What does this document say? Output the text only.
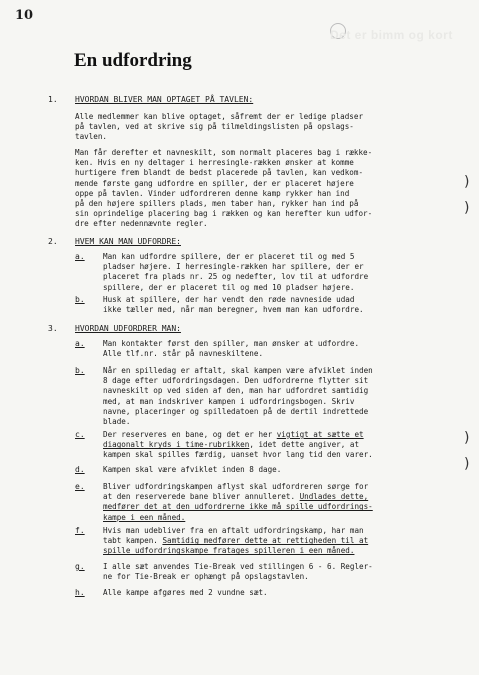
10
Det er bimm og kort
En udfordring
)
)
)
)
1. HVORDAN BLIVER MAN OPTAGET PÅ TAVLEN:
Alle medlemmer kan blive optaget, såfremt der er ledige pladser
på tavlen, ved at skrive sig på tilmeldingslisten på opslags-
tavlen.
Man får derefter et navneskilt, som normalt placeres bag i række-
ken. Hvis en ny deltager i herresingle-rækken ønsker at komme
hurtigere frem blandt de bedst placerede på tavlen, kan vedkom-
mende første gang udfordre en spiller, der er placeret højere
oppe på tavlen. Vinder udfordreren denne kamp rykker han ind
på den højere spillers plads, men taber han, rykker han ind på
sin oprindelige placering bag i rækken og kan herefter kun udfor-
dre efter nedennævnte regler.
2. HVEM KAN MAN UDFORDRE:
a. Man kan udfordre spillere, der er placeret til og med 5
pladser højere. I herresingle-rækken har spillere, der er
placeret fra plads nr. 25 og nedefter, lov til at udfordre
spillere, der er placeret til og med 10 pladser højere.
b. Husk at spillere, der har vendt den røde navneside udad
ikke tæller med, når man beregner, hvem man kan udfordre.
3. HVORDAN UDFORDRER MAN:
a. Man kontakter først den spiller, man ønsker at udfordre.
Alle tlf.nr. står på navneskiltene.
b. Når en spilledag er aftalt, skal kampen være afviklet inden
8 dage efter udfordringsdagen. Den udfordrerne flytter sit
navneskilt op ved siden af den, man har udfordret samtidig
med, at man indskriver kampen i udfordringsbogen. Skriv
navne, placeringer og spilledatoen på de dertil indrettede
blade.
c. Der reserveres en bane, og det er her vigtigt at sætte et
diagonalt kryds i time-rubrikken, idet dette angiver, at
kampen skal spilles færdig, uanset hvor lang tid den varer.
d. Kampen skal være afviklet inden 8 dage.
e. Bliver udfordringskampen aflyst skal udfordreren sørge for
at den reserverede bane bliver annulleret. Undlades dette,
medfører det at den udfordrerne ikke må spille udfordrings-
kampe i een måned.
f. Hvis man udebliver fra en aftalt udfordringskamp, har man
tabt kampen. Samtidig medfører dette at rettigheden til at
spille udfordringskampe fratages spilleren i een måned.
g. I alle sæt anvendes Tie-Break ved stillingen 6 - 6. Regler-
ne for Tie-Break er ophængt på opslagstavlen.
h. Alle kampe afgøres med 2 vundne sæt.
